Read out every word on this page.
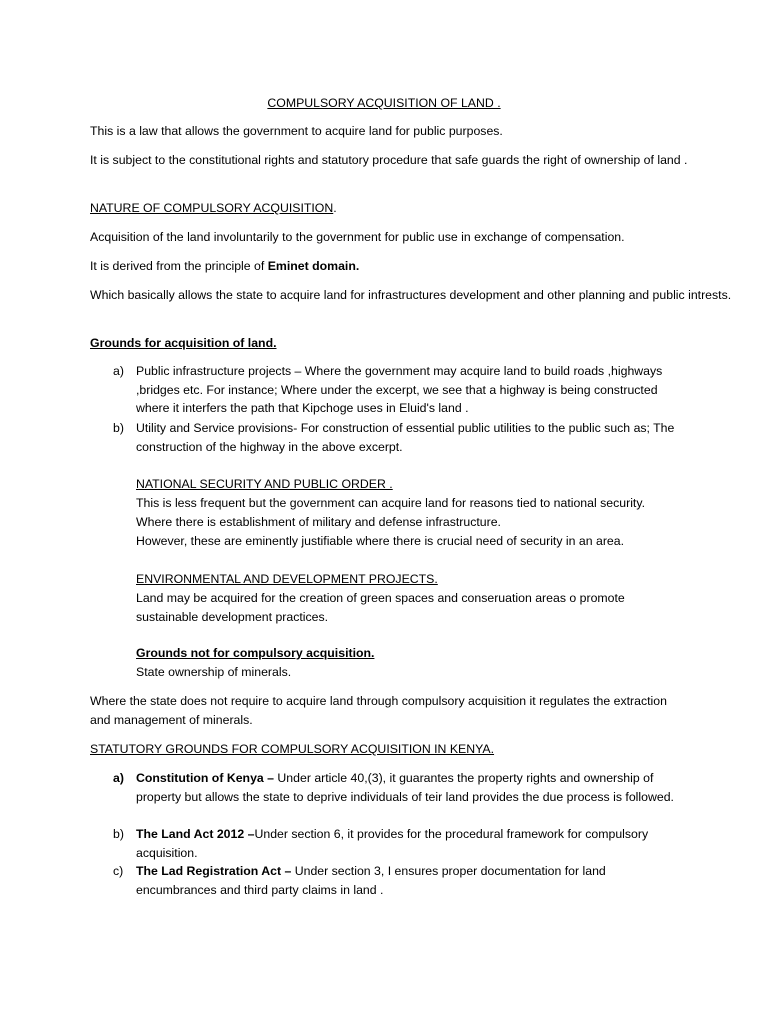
COMPULSORY ACQUISITION OF LAND .

This is a law that allows the government to acquire land for public purposes.

It is subject to the constitutional rights and statutory procedure that safe guards the right of ownership of land .

NATURE OF COMPULSORY ACQUISITION.

Acquisition of the land involuntarily to the government for public use in exchange of compensation.

It is derived from the principle of Eminet domain.

Which basically allows the state to acquire land for infrastructures development and other planning and public intrests.

Grounds for acquisition of land.

a) Public infrastructure projects – Where the government may acquire land to build roads ,highways ,bridges etc. For instance; Where under the excerpt, we see that a highway is being constructed where it interfers the path that Kipchoge uses in Eluid's land .
b) Utility and Service provisions- For construction of essential public utilities to the public such as; The construction of the highway in the above excerpt.

NATIONAL SECURITY AND PUBLIC ORDER .

This is less frequent but the government can acquire land for reasons tied to national security.

Where there is establishment of military and defense infrastructure.

However, these are eminently justifiable where there is crucial need of security in an area.

ENVIRONMENTAL AND DEVELOPMENT PROJECTS.

Land may be acquired for the creation of green spaces and conseruation areas o promote sustainable development practices.

Grounds not for compulsory acquisition.

State ownership of minerals.

Where the state does not require to acquire land through compulsory acquisition it regulates the extraction and management of minerals.

STATUTORY GROUNDS FOR COMPULSORY ACQUISITION IN KENYA.

a) Constitution of Kenya – Under article 40,(3), it guarantes the property rights and ownership of property but allows the state to deprive individuals of teir land provides the due process is followed.
b) The Land Act 2012 –Under section 6, it provides for the procedural framework for compulsory acquisition.
c) The Lad Registration Act – Under section 3, I ensures proper documentation for land encumbrances and third party claims in land .
